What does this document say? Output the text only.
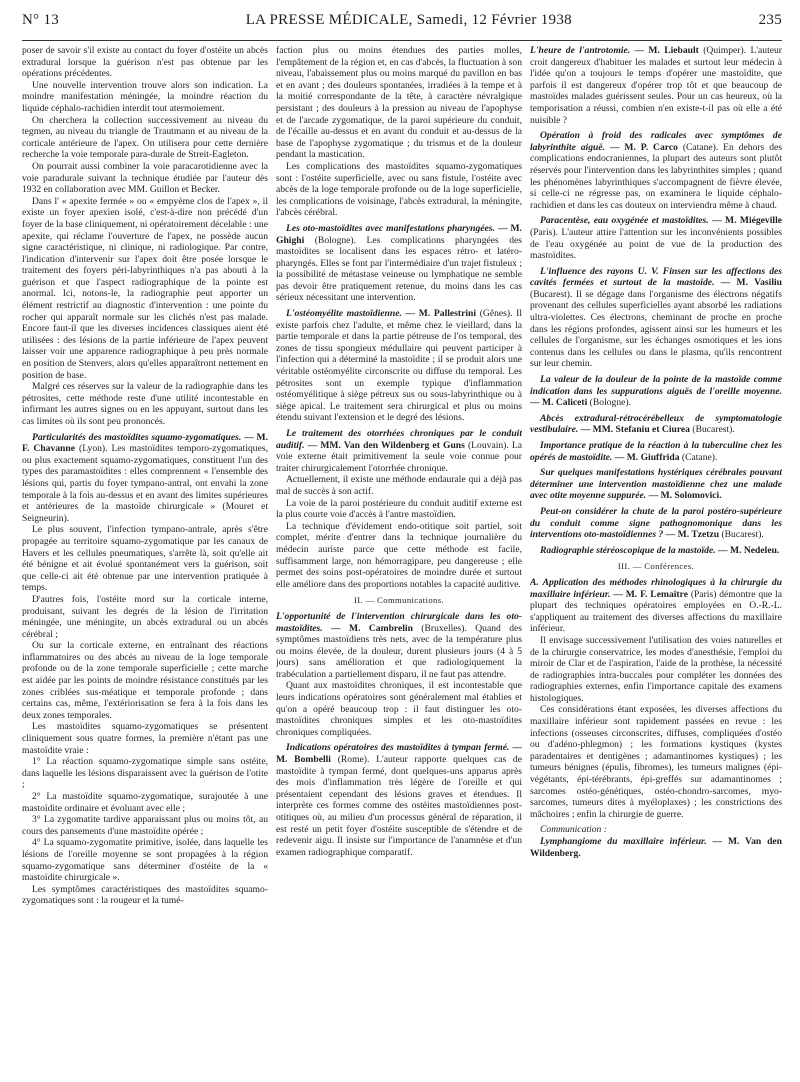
N° 13	LA PRESSE MÉDICALE, Samedi, 12 Février 1938	235

poser de savoir s'il existe au contact du foyer d'ostéite un abcès extradural lorsque la guérison n'est pas obtenue par les opérations précédentes.

Une nouvelle intervention trouve alors son indication. La moindre manifestation méningée, la moindre réaction du liquide céphalo-rachidien interdit tout atermoiement.

On cherchera la collection successivement au niveau du tegmen, au niveau du triangle de Trautmann et au niveau de la corticale antérieure de l'apex. On utilisera pour cette dernière recherche la voie temporale para-durale de Streit-Eagleton.

On pourrait aussi combiner la voie paracarotidienne avec la voie paradurale suivant la technique étudiée par l'auteur dès 1932 en collaboration avec MM. Guillon et Becker.

Dans l' « apexite fermée » ou « empyème clos de l'apex », il existe un foyer apexien isolé, c'est-à-dire non précédé d'un foyer de la base cliniquement, ni opératoirement décelable : une apexite, qui réclame l'ouverture de l'apex, ne possède aucun signe caractéristique, ni clinique, ni radiologique. Par contre, l'indication d'intervenir sur l'apex doit être posée lorsque le traitement des foyers péri-labyrinthiques n'a pas abouti à la guérison et que l'aspect radiographique de la pointe est anormal. Ici, notons-le, la radiographie peut apporter un élément restrictif au diagnostic d'intervention : une pointe du rocher qui apparaît normale sur les clichés n'est pas malade. Encore faut-il que les diverses incidences classiques aient été utilisées : des lésions de la partie inférieure de l'apex peuvent laisser voir une apparence radiographique à peu près normale en position de Stenvers, alors qu'elles apparaîtront nettement en position de base.

Malgré ces réserves sur la valeur de la radiographie dans les pétrosites, cette méthode reste d'une utilité incontestable en infirmant les autres signes ou en les appuyant, surtout dans les cas limites où ils sont peu prononcés.

Particularités des mastoïdites squamo-zygomatiques. — M. F. Chavanne (Lyon). Les mastoïdites temporo-zygomatiques, ou plus exactement squamo-zygomatiques, constituent l'un des types des paramastoïdites : elles comprennent « l'ensemble des lésions qui, partis du foyer tympano-antral, ont envahi la zone temporale à la fois au-dessus et en avant des limites supérieures et antérieures de la mastoïde chirurgicale » (Mouret et Seigneurin).

Le plus souvent, l'infection tympano-antrale, après s'être propagée au territoire squamo-zygomatique par les canaux de Havers et les cellules pneumatiques, s'arrête là, soit qu'elle ait été bénigne et ait évolué spontanément vers la guérison, soit que celle-ci ait été obtenue par une intervention pratiquée à temps.

D'autres fois, l'ostéite mord sur la corticale interne, produisant, suivant les degrés de la lésion de l'irritation méningée, une méningite, un abcès extradural ou un abcès cérébral ;

Ou sur la corticale externe, en entraînant des réactions inflammatoires ou des abcès au niveau de la loge temporale profonde ou de la zone temporale superficielle ; cette marche est aidée par les points de moindre résistance constitués par les zones criblées sus-méatique et temporale profonde ; dans certains cas, même, l'extériorisation se fera à la fois dans les deux zones temporales.

Les mastoïdites squamo-zygomatiques se présentent cliniquement sous quatre formes, la première n'étant pas une mastoïdite vraie :

1° La réaction squamo-zygomatique simple sans ostéite, dans laquelle les lésions disparaissent avec la guérison de l'otite ;

2° La mastoïdite squamo-zygomatique, surajoutée à une mastoïdite ordinaire et évoluant avec elle ;

3° La zygomatite tardive apparaissant plus ou moins tôt, au cours des pansements d'une mastoïdite opérée ;

4° La squamo-zygomatite primitive, isolée, dans laquelle les lésions de l'oreille moyenne se sont propagées à la région squamo-zygomatique sans déterminer d'ostéite de la « mastoïdite chirurgicale ».

Les symptômes caractéristiques des mastoïdites squamo-zygomatiques sont : la rougeur et la tumé-

faction plus ou moins étendues des parties molles, l'empâtement de la région et, en cas d'abcès, la fluctuation à son niveau, l'abaissement plus ou moins marqué du pavillon en bas et en avant ; des douleurs spontanées, irradiées à la tempe et à la moitié correspondante de la tête, à caractère névralgique persistant ; des douleurs à la pression au niveau de l'apophyse et de l'arcade zygomatique, de la paroi supérieure du conduit, de l'écaille au-dessus et en avant du conduit et au-dessus de la base de l'apophyse zygomatique ; du trismus et de la douleur pendant la mastication.

Les complications des mastoïdites squamo-zygomatiques sont : l'ostéite superficielle, avec ou sans fistule, l'ostéite avec abcès de la loge temporale profonde ou de la loge superficielle, les complications de voisinage, l'abcès extradural, la méningite, l'abcès cérébral.

Les oto-mastoïdites avec manifestations pharyngées. — M. Ghighi (Bologne). Les complications pharyngées des mastoïdites se localisent dans les espaces rétro- et latéro-pharyngés. Elles se font par l'intermédiaire d'un trajet fistuleux ; la possibilité de métastase veineuse ou lymphatique ne semble pas devoir être pratiquement retenue, du moins dans les cas sérieux nécessitant une intervention.

L'ostéomyélite mastoïdienne. — M. Pallestrini (Gênes). Il existe parfois chez l'adulte, et même chez le vieillard, dans la partie temporale et dans la partie pétreuse de l'os temporal, des zones de tissu spongieux médullaire qui peuvent participer à l'infection qui a déterminé la mastoïdite ; il se produit alors une véritable ostéomyélite circonscrite ou diffuse du temporal. Les pétrosites sont un exemple typique d'inflammation ostéomyélitique à siège pétreux sus ou sous-labyrinthique ou à siège apical. Le traitement sera chirurgical et plus ou moins étendu suivant l'extension et le degré des lésions.

Le traitement des otorrhées chroniques par le conduit auditif. — MM. Van den Wildenberg et Guns (Louvain). La voie externe était primitivement la seule voie connue pour traiter chirurgicalement l'otorrhée chronique.

Actuellement, il existe une méthode endaurale qui a déjà pas mal de succès à son actif.

La voie de la paroi postérieure du conduit auditif externe est la plus courte voie d'accès à l'antre mastoïdien.

La technique d'évidement endo-otitique soit partiel, soit complet, mérite d'entrer dans la technique journalière du médecin auriste parce que cette méthode est facile, suffisamment large, non hémorragipare, peu dangereuse ; elle permet des soins post-opératoires de moindre durée et surtout elle améliore dans des proportions notables la capacité auditive.

II. — Communications.

L'opportunité de l'intervention chirurgicale dans les oto-mastoïdites. — M. Cambrelin (Bruxelles). Quand des symptômes mastoïdiens très nets, avec de la température plus ou moins élevée, de la douleur, durent plusieurs jours (4 à 5 jours) sans amélioration et que radiologiquement la trabéculation a partiellement disparu, il ne faut pas attendre.

Quant aux mastoïdites chroniques, il est incontestable que leurs indications opératoires sont généralement mal établies et qu'on a opéré beaucoup trop : il faut distinguer les oto-mastoïdites chroniques simples et les oto-mastoïdites chroniques compliquées.

Indications opératoires des mastoïdites à tympan fermé. — M. Bombelli (Rome). L'auteur rapporte quelques cas de mastoïdite à tympan fermé, dont quelques-uns apparus après des mois d'inflammation très légère de l'oreille et qui présentaient cependant des lésions graves et étendues. Il interprète ces formes comme des ostéites mastoïdiennes post-otitiques où, au milieu d'un processus général de réparation, il est resté un petit foyer d'ostéite susceptible de s'étendre et de redevenir aigu. Il insiste sur l'importance de l'anamnèse et d'un examen radiographique comparatif.

L'heure de l'antrotomie. — M. Liebault (Quimper). L'auteur croit dangereux d'habituer les malades et surtout leur médecin à l'idée qu'on a toujours le temps d'opérer une mastoïdite, que parfois il est dangereux d'opérer trop tôt et que beaucoup de mastoïdes malades guérissent seules. Pour un cas heureux, où la temporisation a réussi, combien n'en existe-t-il pas où elle a été nuisible ?

Opération à froid des radicales avec symptômes de labyrinthite aiguë. — M. P. Carco (Catane). En dehors des complications endocraniennes, la plupart des auteurs sont plutôt réservés pour l'intervention dans les labyrinthites simples ; quand les phénomènes labyrinthiques s'accompagnent de fièvre élevée, si celle-ci ne régresse pas, on examinera le liquide céphalo-rachidien et dans les cas douteux on interviendra même à chaud.

Paracentèse, eau oxygénée et mastoïdites. — M. Miégeville (Paris). L'auteur attire l'attention sur les inconvénients possibles de l'eau oxygénée au point de vue de la production des mastoïdites.

L'influence des rayons U. V. Finsen sur les affections des cavités fermées et surtout de la mastoïde. — M. Vasiliu (Bucarest). Il se dégage dans l'organisme des électrons négatifs provenant des cellules superficielles ayant absorbé les radiations ultra-violettes. Ces électrons, cheminant de proche en proche dans les régions profondes, agissent ainsi sur les humeurs et les cellules de l'organisme, sur les échanges osmotiques et les ions contenus dans les cellules ou dans le plasma, qu'ils rencontrent sur leur chemin.

La valeur de la douleur de la pointe de la mastoïde comme indication dans les suppurations aiguës de l'oreille moyenne. — M. Caliceti (Bologne).

Abcès extradural-rétrocérébelleux de symptomatologie vestibulaire. — MM. Stefaniu et Ciurea (Bucarest).

Importance pratique de la réaction à la tuberculine chez les opérés de mastoïdite. — M. Giuffrida (Catane).

Sur quelques manifestations hystériques cérébrales pouvant déterminer une intervention mastoïdienne chez une malade avec otite moyenne suppurée. — M. Solomovici.

Peut-on considérer la chute de la paroi postéro-supérieure du conduit comme signe pathognomonique dans les interventions oto-mastoïdiennes ? — M. Tzetzu (Bucarest).

Radiographie stéréoscopique de la mastoïde. — M. Nedeleu.

III. — Conférences.

A. Application des méthodes rhinologiques à la chirurgie du maxillaire inférieur. — M. F. Lemaître (Paris) démontre que la plupart des techniques opératoires employées en O.-R.-L. s'appliquent au traitement des diverses affections du maxillaire inférieur.

Il envisage successivement l'utilisation des voies naturelles et de la chirurgie conservatrice, les modes d'anesthésie, l'emploi du miroir de Clar et de l'aspiration, l'aide de la prothèse, la nécessité de radiographies intra-buccales pour compléter les données des radiographies externes, enfin l'importance capitale des examens histologiques.

Ces considérations étant exposées, les diverses affections du maxillaire inférieur sont rapidement passées en revue : les infections (osseuses circonscrites, diffuses, compliquées d'ostéo ou d'adéno-phlegmon) ; les formations kystiques (kystes paradentaires et dentigènes ; adamantinomes kystiques) ; les tumeurs bénignes (épulis, fibromes), les tumeurs malignes (épi-végétants, épi-térébrants, épi-greffés sur adamantinomes ; sarcomes ostéo-génétiques, ostéo-chondro-sarcomes, myo-sarcomes, tumeurs dites à myéloplaxes) ; les constrictions des mâchoires ; enfin la chirurgie de guerre.

Communication :

Lymphangiome du maxillaire inférieur. — M. Van den Wildenberg.
